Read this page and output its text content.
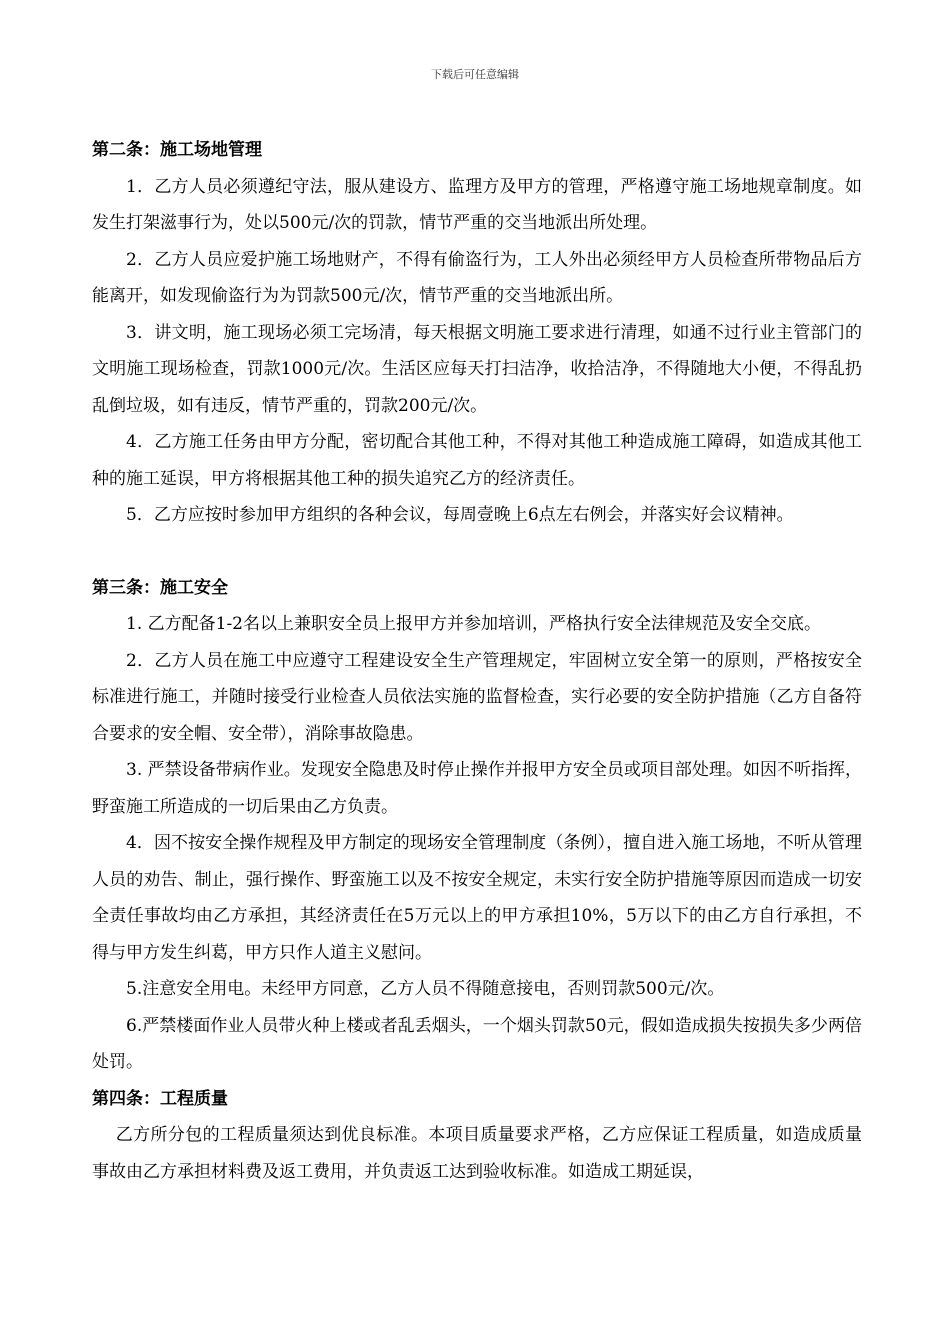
下载后可任意编辑
第二条：施工场地管理
1．乙方人员必须遵纪守法，服从建设方、监理方及甲方的管理，严格遵守施工场地规章制度。如发生打架滋事行为，处以500元/次的罚款，情节严重的交当地派出所处理。
2．乙方人员应爱护施工场地财产，不得有偷盗行为，工人外出必须经甲方人员检查所带物品后方能离开，如发现偷盗行为为罚款500元/次，情节严重的交当地派出所。
3．讲文明，施工现场必须工完场清，每天根据文明施工要求进行清理，如通不过行业主管部门的文明施工现场检查，罚款1000元/次。生活区应每天打扫洁净，收拾洁净，不得随地大小便，不得乱扔乱倒垃圾，如有违反，情节严重的，罚款200元/次。
4．乙方施工任务由甲方分配，密切配合其他工种，不得对其他工种造成施工障碍，如造成其他工种的施工延误，甲方将根据其他工种的损失追究乙方的经济责任。
5．乙方应按时参加甲方组织的各种会议，每周壹晚上6点左右例会，并落实好会议精神。
第三条：施工安全
1. 乙方配备1-2名以上兼职安全员上报甲方并参加培训，严格执行安全法律规范及安全交底。
2．乙方人员在施工中应遵守工程建设安全生产管理规定，牢固树立安全第一的原则，严格按安全标准进行施工，并随时接受行业检查人员依法实施的监督检查，实行必要的安全防护措施（乙方自备符合要求的安全帽、安全带），消除事故隐患。
3. 严禁设备带病作业。发现安全隐患及时停止操作并报甲方安全员或项目部处理。如因不听指挥，野蛮施工所造成的一切后果由乙方负责。
4．因不按安全操作规程及甲方制定的现场安全管理制度（条例），擅自进入施工场地，不听从管理人员的劝告、制止，强行操作、野蛮施工以及不按安全规定，未实行安全防护措施等原因而造成一切安全责任事故均由乙方承担，其经济责任在5万元以上的甲方承担10%，5万以下的由乙方自行承担，不得与甲方发生纠葛，甲方只作人道主义慰问。
5.注意安全用电。未经甲方同意，乙方人员不得随意接电，否则罚款500元/次。
6.严禁楼面作业人员带火种上楼或者乱丢烟头，一个烟头罚款50元，假如造成损失按损失多少两倍处罚。
第四条：工程质量
乙方所分包的工程质量须达到优良标准。本项目质量要求严格，乙方应保证工程质量，如造成质量事故由乙方承担材料费及返工费用，并负责返工达到验收标准。如造成工期延误，
